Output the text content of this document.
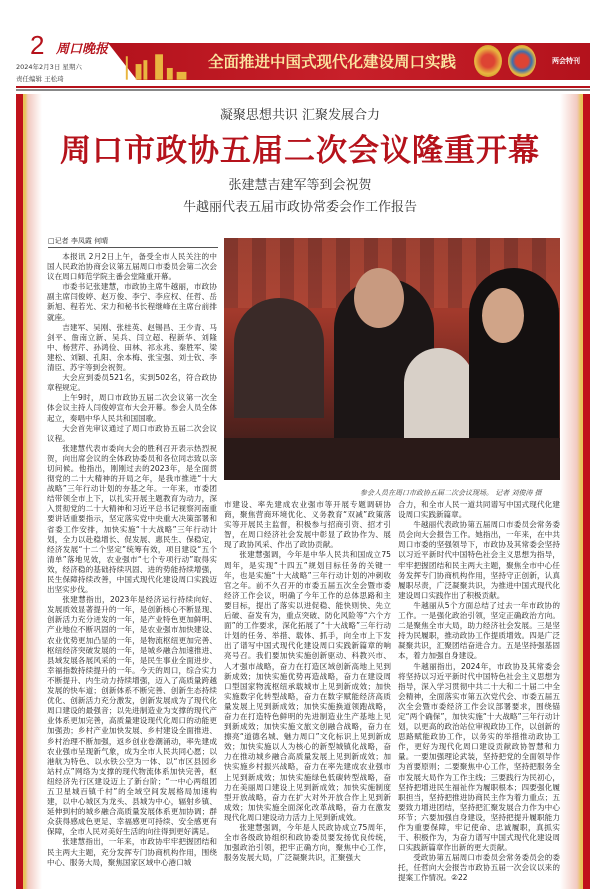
2 周口晚报
2024年2月3日 星期六
责任编辑 王松琦
全面推进中国式现代化建设周口实践	两会特刊
凝聚思想共识 汇聚发展合力
周口市政协五届二次会议隆重开幕
张建慧吉建军等到会祝贺
牛越丽代表五届市政协常委会作工作报告
□记者 李凤霞 何晴

本报讯 2月2日上午，备受全市人民关注的中国人民政治协商会议第五届周口市委员会第二次会议在周口师范学院主番会堂隆重开幕。

市委书记张建慧，市政协主席牛越丽，市政协副主席闫俊婷、赵万俊、李宁、李应权、任哲、岳新旭、程若光、宋力和秘书长程继峰在主席台前排就座。

吉建军、吴刚、张桂英、赵锡昌、王少青、马剑平、詹南立新、吴兵、闫立超、程新华、刘隆中、杨营芹、孙鸿俭、田林、祁永兆、秦胜军、梁建松、刘颖、孔阳、余本梅、张宝强、刘士钦、李清臣、苏宇等到会祝贺。

大会应到委员521名，实到502名，符合政协章程规定。

上午9时，周口市政协五届二次会议第一次全体会议主持人闫俊婷宣布大会开幕。参会人员全体起立，奏唱中华人民共和国国歌。

大会首先审议通过了周口市政协五届二次会议议程。

张建慧代表市委向大会的胜利召开表示热烈祝贺，向出席会议的全体政协委员和各位同志致以亲切问候。他指出，刚刚过去的2023年，是全面贯彻党的二十大精神的开局之年，是我市推进“十大战略”三年行动计划的夯基之年。一年来，市委团结带领全市上下，以扎实开展主题教育为动力，深入贯彻党的二十大精神和习近平总书记视察河南重要讲话重要指示，坚定落实党中央重大决策部署和省委工作安排，加快实施“十大战略”三年行动计划，全力以赴稳增长、促发展、惠民生、保稳定，经济发展“十二个坚定”统筹有效，项目建设“五个清单”落地见效，农业强市“七个专项行动”取得实效，经济稳的基础持续巩固、进的势能持续增强，民生保障持续改善，中国式现代化建设周口实践迈出坚实步伐。

张建慧指出，2023年是经济运行持续向好、发展质效显著提升的一年，是创新核心不断显现、创新活力充分迸发的一年，是产业特色更加鲜明、产业地位不断巩固的一年，是农业强市加快建设、农业优势更加凸显的一年，是物流枢纽更加完善、枢纽经济突破发展的一年，是城乡融合加速推进、县域发展各展风采的一年，是民生事业全面进步、幸福指数持续提升的一年。今天的周口，综合实力不断提升、内生动力持续增强，迈入了高质量跨越发展的快车道；创新体系不断完善、创新生态持续优化、创新活力充分激发，创新发展成为了现代化周口建设的最强音；以先进制造业为支撑的现代产业体系更加完善，高质量建设现代化周口的动能更加强劲；乡村产业加快发展、乡村建设全面推进、乡村治理不断加强，返乡创业卷潮涌动，率先建成农业强市呈现新气象，成为全市人民共同心愿；以港航为特色、以水铁公空为一体、以“市区县园乡站村点”网络为支撑的现代物流体系加快完善，枢纽经济先行区建设迈上了新台阶；“一中心两组团五卫星城百镇千村”的全域空间发展格局加速构建，以中心城区为龙头、县城为中心，辐射乡镇、延伸到村的城乡融合高质量发展体系更加协调；群众获得感成色更足、幸福感更可持续、安全感更有保障，全市人民对美好生活的向往得到更好满足。

张建慧指出，一年来，市政协牢牢把握团结和民主两大主题，充分发挥专门协商机构作用，围绕中心、服务大局，聚焦国家区域中心港口城

参会人员在周口市政协五届二次会议现场。 记者 刘俊涛 摄

市建设、率先建成农业强市等开展专题调研协商，聚焦营商环境优化、义务教育“双减”政策落实等开展民主监督，积极参与招商引资、招才引智，在周口经济社会发展中彰显了政协作为、展现了政协风采、作出了政协贡献。

张建慧强调，今年是中华人民共和国成立75周年，是实现“十四五”规划目标任务的关键一年，也是实施“十大战略”三年行动计划的冲刺收官之年。前不久召开的市委五届五次全会暨市委经济工作会议，明确了今年工作的总体思路和主要目标，提出了落实以进促稳、能快则快、先立后破、奋发有为，重点突破、防化风险等“六个方面”的工作要求，深化拓展了“十大战略”三年行动计划的任务、举措、载体、抓手，向全市上下发出了谱写中国式现代化建设周口实践新篇章的响亮号召。我们要加快实施创新驱动、科教兴市、人才强市战略，奋力在打造区域创新高地上见到新成效；加快实施优势再造战略，奋力在建设周口型国家物流枢纽承载城市上见到新成效；加快实施数字化转型战略，奋力在数字赋能经济高质量发展上见到新成效；加快实施换道领跑战略，奋力在打造特色鲜明的先进制造业生产基地上见到新成效；加快实施文旅文创融合战略，奋力在擦亮“道德名城、魅力周口”文化标识上见到新成效；加快实施以人为核心的新型城镇化战略，奋力在推动城乡融合高质量发展上见到新成效；加快实施乡村振兴战略，奋力在率先建成农业强市上见到新成效；加快实施绿色低碳转型战略，奋力在美丽周口建设上见到新成效；加快实施制度型开放战略，奋力在扩大对外开放合作上见到新成效；加快实施全面深化改革战略，奋力在激发现代化周口建设动力活力上见到新成效。

张建慧强调，今年是人民政协成立75周年，全市各级政协组织和政协委员要发扬优良传统，加强政治引领，把牢正确方向，聚焦中心工作，服务发展大局，广泛凝聚共识，汇聚强大

合力，和全市人民一道共同谱写中国式现代化建设周口实践新篇章。

牛越丽代表政协第五届周口市委员会常务委员会向大会报告工作。她指出，一年来，在中共周口市委的坚强领导下，市政协及其常委会坚持以习近平新时代中国特色社会主义思想为指导，牢牢把握团结和民主两大主题，聚焦全市中心任务发挥专门协商机构作用，坚持守正创新，认真履职尽责，广泛凝聚共识，为推进中国式现代化建设周口实践作出了积极贡献。

牛越丽从5个方面总结了过去一年市政协的工作。一是强化政治引领，坚定正确政治方向。二是聚焦全市大局，助力经济社会发展。三是坚持为民履职，推动政协工作提质增效。四是广泛凝聚共识，汇聚团结奋进合力。五是坚持强基固本，着力加强自身建设。

牛越丽指出，2024年，市政协及其常委会将坚持以习近平新时代中国特色社会主义思想为指导，深入学习贯彻中共二十大和二十届二中全会精神，全面落实市第五次党代会、市委五届五次全会暨市委经济工作会议部署要求，围绕锚定“两个确保”，加快实施“十大战略”三年行动计划，以更高的政治站位审视政协工作，以创新的思路赋能政协工作，以务实的举措推动政协工作，更好为现代化周口建设贡献政协智慧和力量。一要加强理论武装，坚持把党的全面领导作为首要原则；二要聚焦中心工作，坚持把服务全市发展大局作为工作主线；三要践行为民初心，坚持把增进民生福祉作为履职根本；四要强化履职担当，坚持把推进协商民主作为着力重点；五要致力增进团结，坚持把汇聚发展合力作为中心环节；六要加强自身建设，坚持把提升履职能力作为重要保障，牢记使命、忠诚履职，真抓实干、积极作为，为奋力谱写中国式现代化建设周口实践新篇章作出新的更大贡献。

受政协第五届周口市委员会常务委员会的委托，任哲向大会报告市政协五届一次会议以来的提案工作情况。②22
